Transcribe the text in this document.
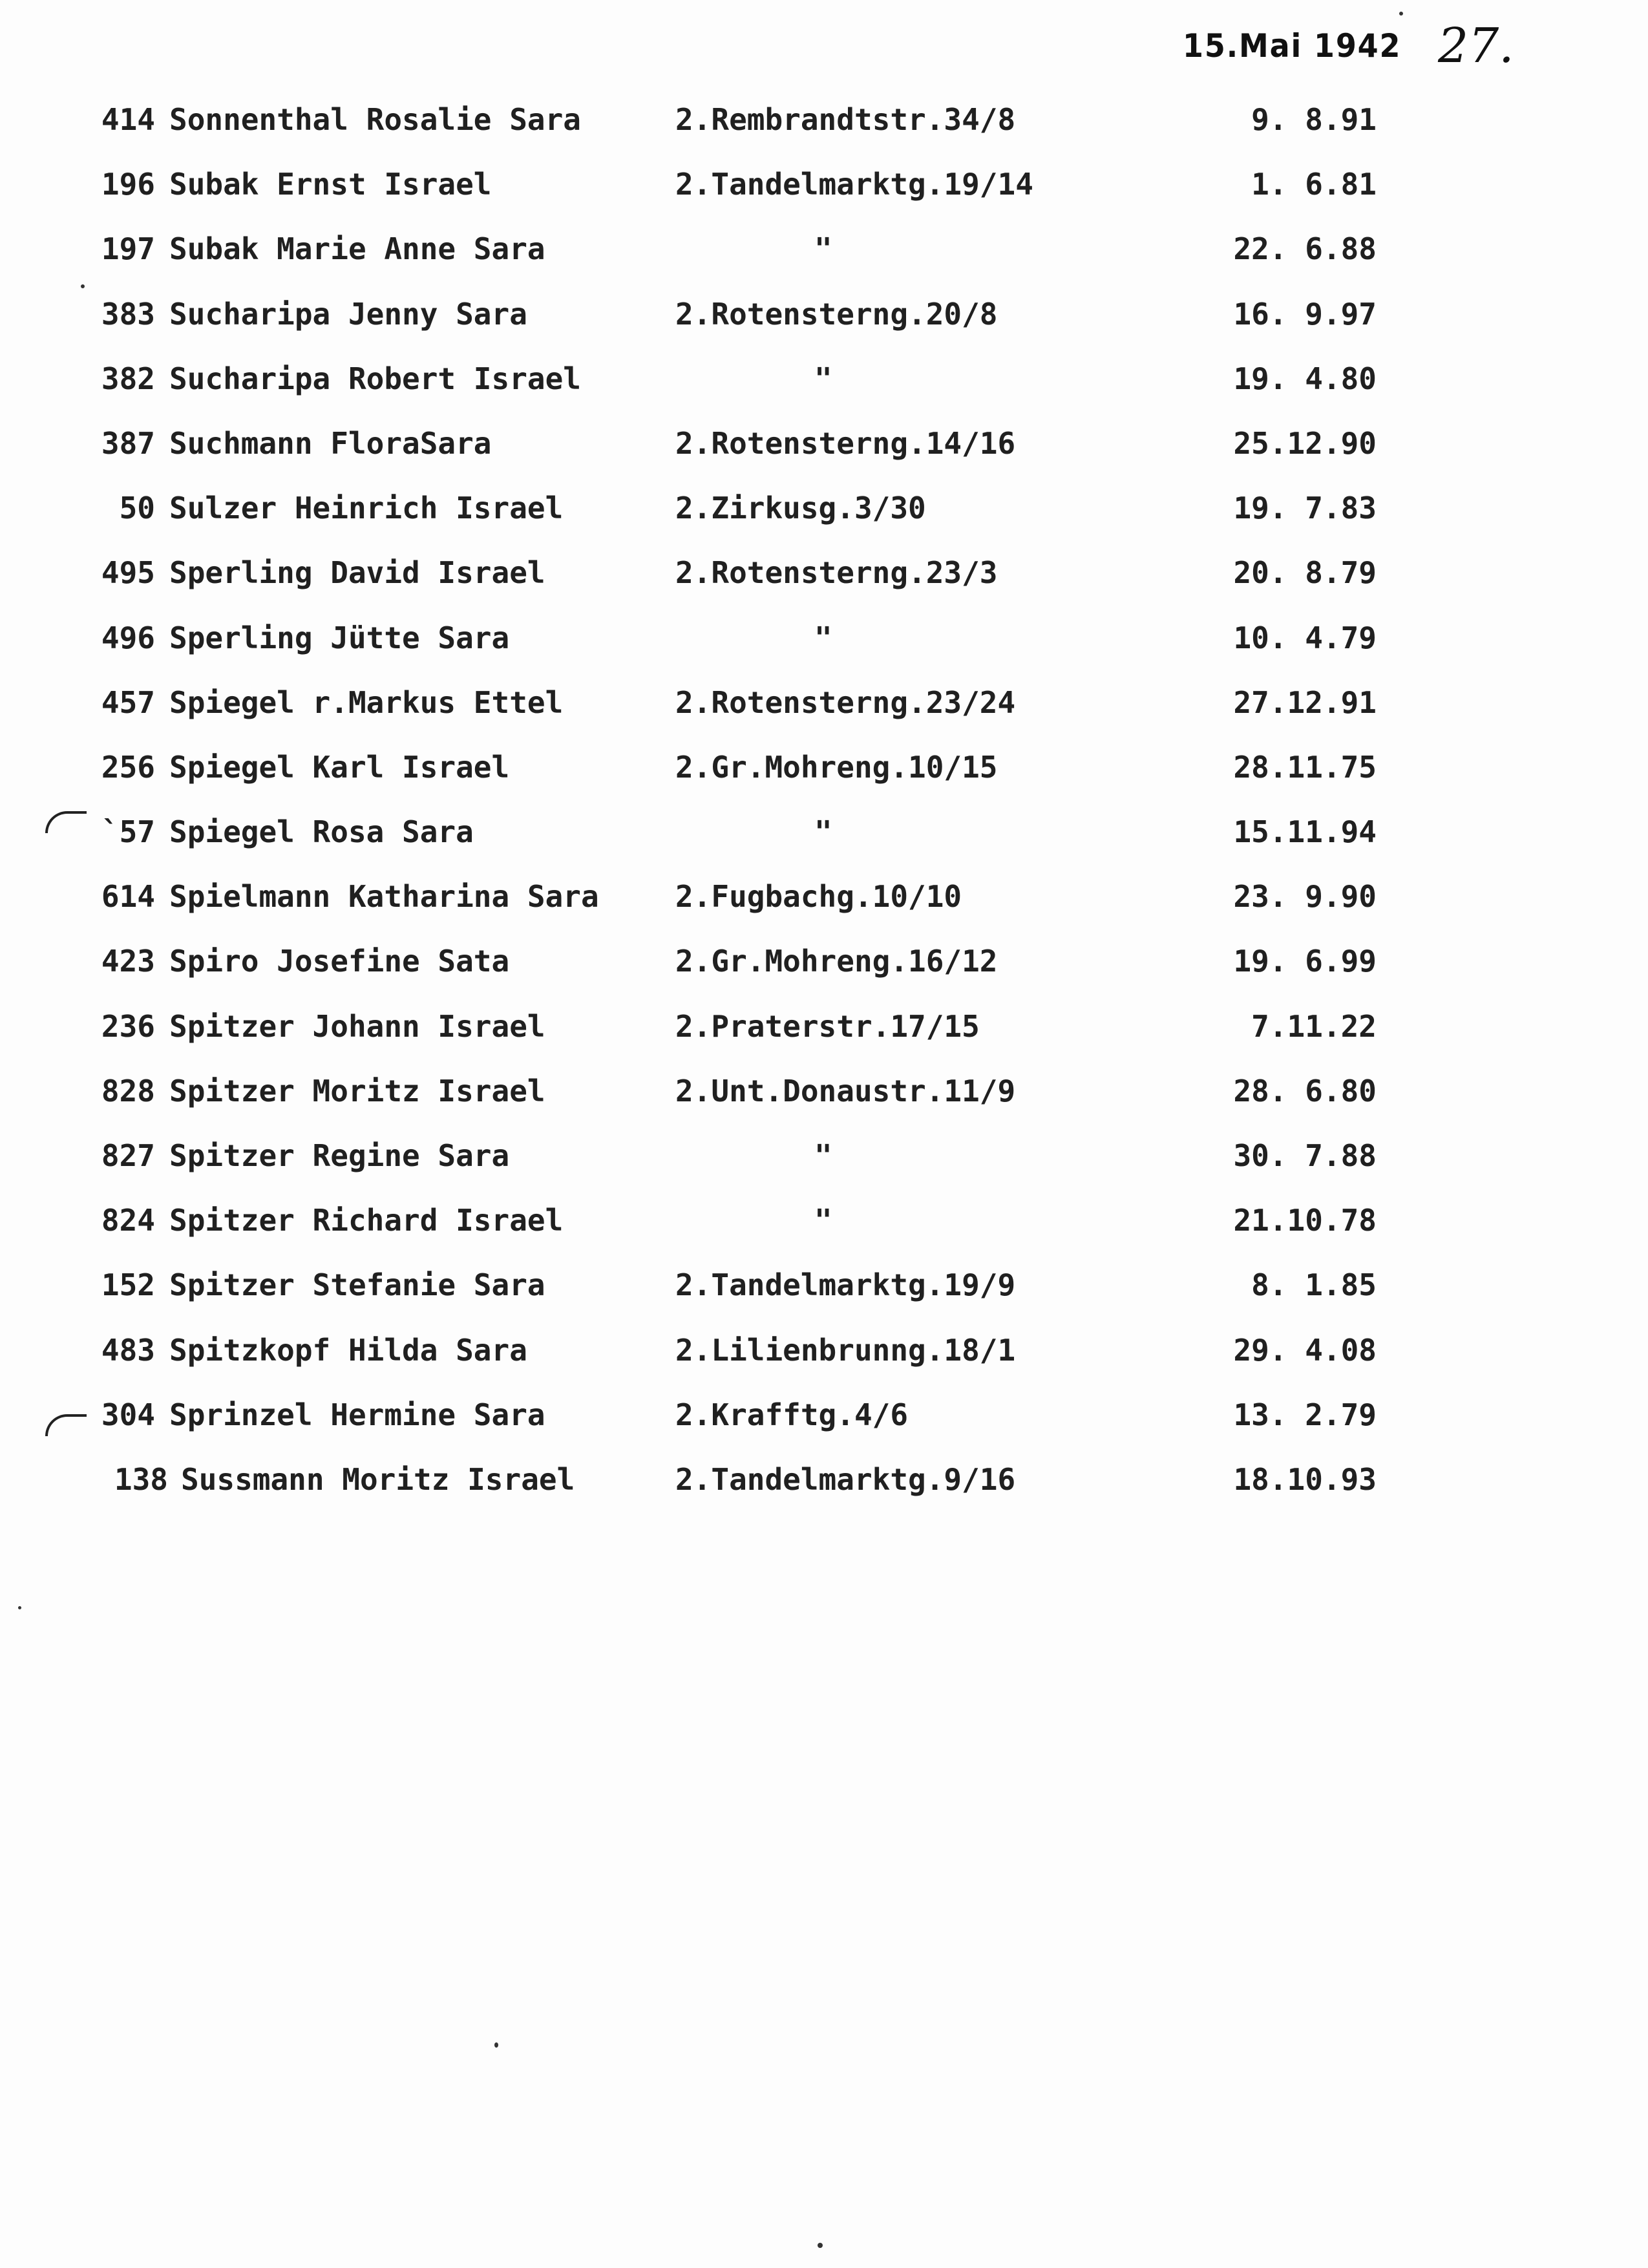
15.Mai 1942 27.
414 Sonnenthal Rosalie Sara	2.Rembrandtstr.34/8	9. 8.91
196 Subak Ernst Israel	2.Tandelmarktg.19/14	1. 6.81
197 Subak Marie Anne Sara	"	22. 6.88
383 Sucharipa Jenny Sara	2.Rotensterng.20/8	16. 9.97
382 Sucharipa Robert Israel	"	19. 4.80
387 Suchmann FloraSara	2.Rotensterng.14/16	25.12.90
50 Sulzer Heinrich Israel	2.Zirkusg.3/30	19. 7.83
495 Sperling David Israel	2.Rotensterng.23/3	20. 8.79
496 Sperling Jütte Sara	"	10. 4.79
457 Spiegel r.Markus Ettel	2.Rotensterng.23/24	27.12.91
256 Spiegel Karl Israel	2.Gr.Mohreng.10/15	28.11.75
`57 Spiegel Rosa Sara	"	15.11.94
614 Spielmann Katharina Sara	2.Fugbachg.10/10	23. 9.90
423 Spiro Josefine Sata	2.Gr.Mohreng.16/12	19. 6.99
236 Spitzer Johann Israel	2.Praterstr.17/15	7.11.22
828 Spitzer Moritz Israel	2.Unt.Donaustr.11/9	28. 6.80
827 Spitzer Regine Sara	"	30. 7.88
824 Spitzer Richard Israel	"	21.10.78
152 Spitzer Stefanie Sara	2.Tandelmarktg.19/9	8. 1.85
483 Spitzkopf Hilda Sara	2.Lilienbrunng.18/1	29. 4.08
304 Sprinzel Hermine Sara	2.Krafftg.4/6	13. 2.79
138 Sussmann Moritz Israel	2.Tandelmarktg.9/16	18.10.93
